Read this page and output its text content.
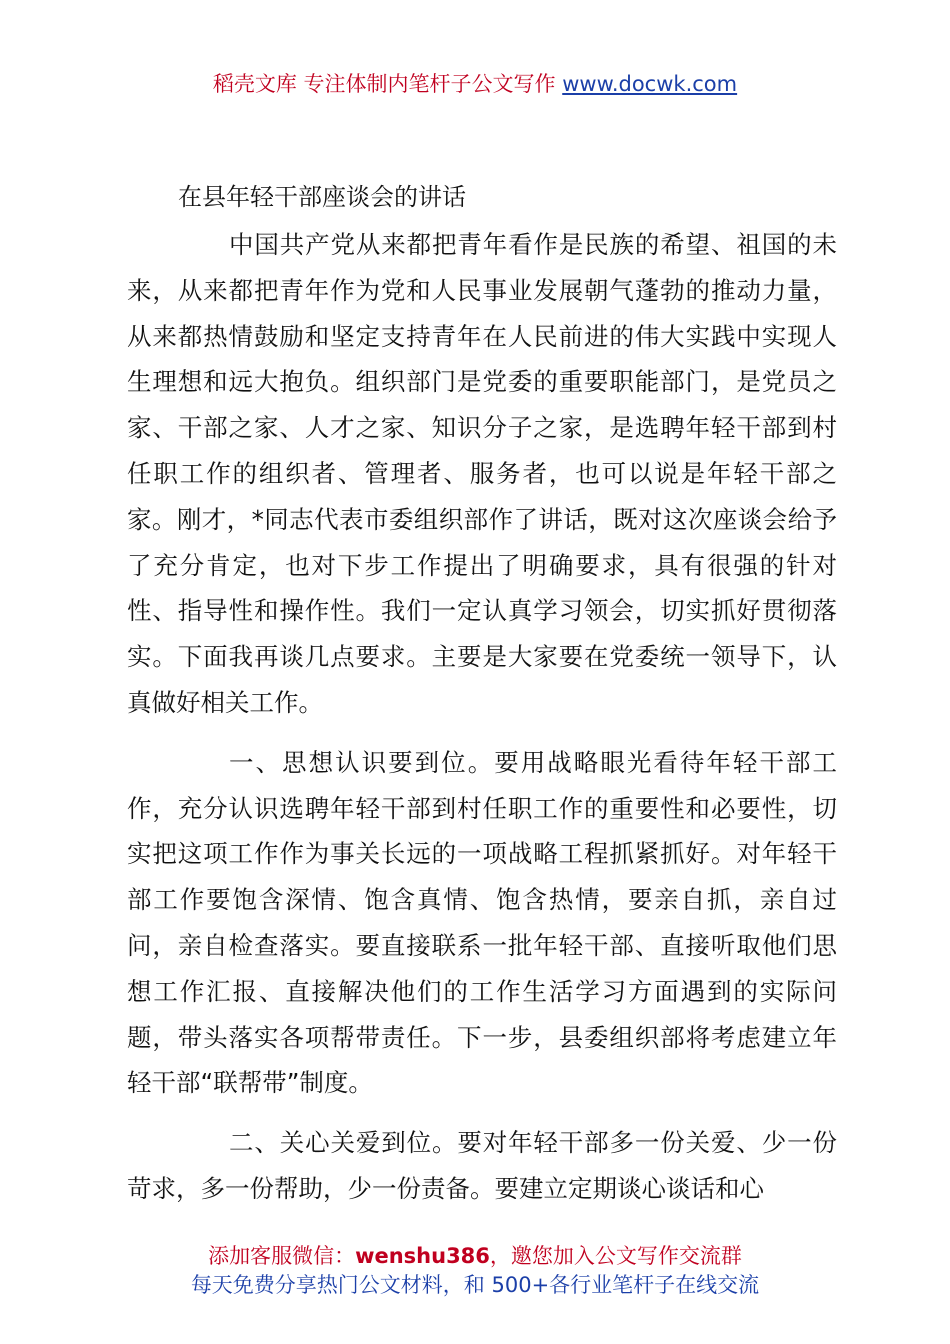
稻壳文库 专注体制内笔杆子公文写作 www.docwk.com
在县年轻干部座谈会的讲话

中国共产党从来都把青年看作是民族的希望、祖国的未来，从来都把青年作为党和人民事业发展朝气蓬勃的推动力量，从来都热情鼓励和坚定支持青年在人民前进的伟大实践中实现人生理想和远大抱负。组织部门是党委的重要职能部门，是党员之家、干部之家、人才之家、知识分子之家，是选聘年轻干部到村任职工作的组织者、管理者、服务者，也可以说是年轻干部之家。刚才，*同志代表市委组织部作了讲话，既对这次座谈会给予了充分肯定，也对下步工作提出了明确要求，具有很强的针对性、指导性和操作性。我们一定认真学习领会，切实抓好贯彻落实。下面我再谈几点要求。主要是大家要在党委统一领导下，认真做好相关工作。

一、思想认识要到位。要用战略眼光看待年轻干部工作，充分认识选聘年轻干部到村任职工作的重要性和必要性，切实把这项工作作为事关长远的一项战略工程抓紧抓好。对年轻干部工作要饱含深情、饱含真情、饱含热情，要亲自抓，亲自过问，亲自检查落实。要直接联系一批年轻干部、直接听取他们思想工作汇报、直接解决他们的工作生活学习方面遇到的实际问题，带头落实各项帮带责任。下一步，县委组织部将考虑建立年轻干部“联帮带”制度。

二、关心关爱到位。要对年轻干部多一份关爱、少一份苛求，多一份帮助，少一份责备。要建立定期谈心谈话和心

添加客服微信：wenshu386，邀您加入公文写作交流群
每天免费分享热门公文材料，和 500+各行业笔杆子在线交流
